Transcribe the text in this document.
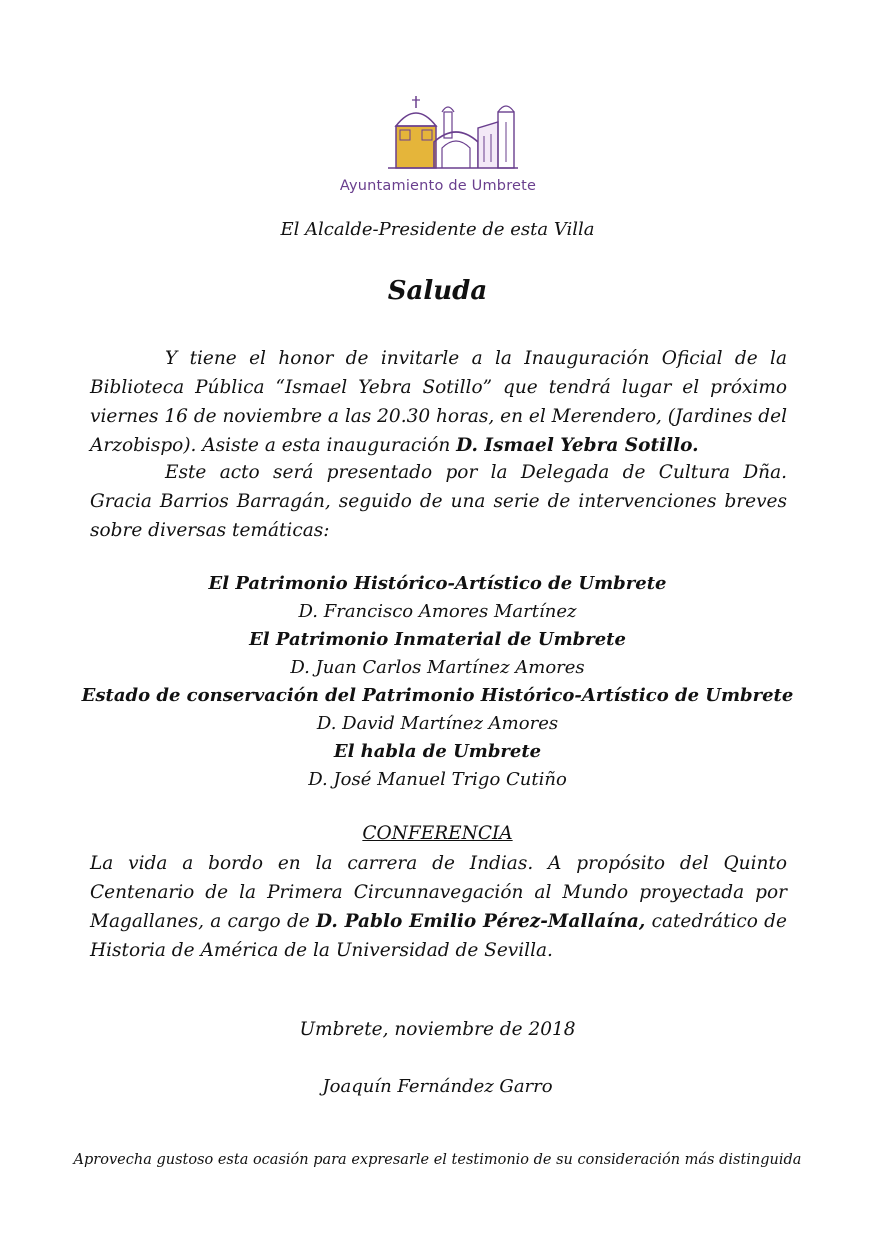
Ayuntamiento de Umbrete
El Alcalde-Presidente de esta Villa
Saluda
Y tiene el honor de invitarle a la Inauguración Oficial de la Biblioteca Pública “Ismael Yebra Sotillo” que tendrá lugar el próximo viernes 16 de noviembre a las 20.30 horas, en el Merendero, (Jardines del Arzobispo). Asiste a esta inauguración D. Ismael Yebra Sotillo.
Este acto será presentado por la Delegada de Cultura Dña. Gracia Barrios Barragán, seguido de una serie de intervenciones breves sobre diversas temáticas:
El Patrimonio Histórico-Artístico de Umbrete
D. Francisco Amores Martínez
El Patrimonio Inmaterial de Umbrete
D. Juan Carlos Martínez Amores
Estado de conservación del Patrimonio Histórico-Artístico de Umbrete
D. David Martínez Amores
El habla de Umbrete
D. José Manuel Trigo Cutiño
CONFERENCIA
La vida a bordo en la carrera de Indias. A propósito del Quinto Centenario de la Primera Circunnavegación al Mundo proyectada por Magallanes, a cargo de D. Pablo Emilio Pérez-Mallaína, catedrático de Historia de América de la Universidad de Sevilla.
Umbrete, noviembre de 2018
Joaquín Fernández Garro
Aprovecha gustoso esta ocasión para expresarle el testimonio de su consideración más distinguida
